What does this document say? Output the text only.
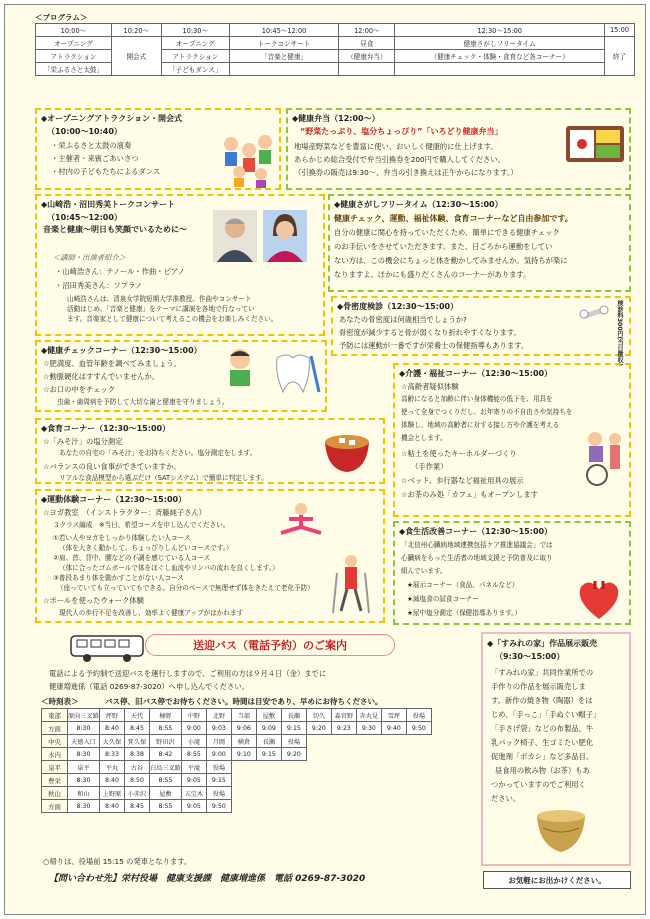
＜プログラム＞
10:00～	10:20～	10:30～	10:45～12:00	12:00～	12:30～15:00	15:00
オープニング	開会式	オープニング	トークコンサート	昼食	健康さがしフリータイム	終了
アトラクション		アトラクション	「音楽と健康」	（健康弁当）	（健康チェック・体験・食育など各コーナー）	
「栄ふるさと太鼓」		「子どもダンス」				
◆オープニングアトラクション・開会式
（10:00～10:40）
・栄ふるさと太鼓の演奏
・主催者・来賓ごあいさつ
・村内の子どもたちによるダンス
◆健康弁当（12:00～）
“野菜たっぷり、塩分ちょっぴり”「いろどり健康弁当」
地場産野菜などを豊富に使い、おいしく健康的に仕上げます。
あらかじめ総合受付で弁当引換券を200円で購入してください。
（引換券の販売は9:30～、弁当の引き換えは正午からになります。）
◆山崎浩・沼田秀美トークコンサート
（10:45～12:00）
音楽と健康～明日も笑顔でいるために～
＜講師・出演者紹介＞
・山崎浩さん：テノール・作曲・ピアノ
・沼田秀美さん：ソプラノ
山崎浩さんは、清泉女学院短期大学准教授。作曲やコンサート
活動はじめ、「音楽と健康」をテーマに講演を各地で行なってい
ます。音楽家として健康について考えるこの機会をお楽しみください。
◆健康さがしフリータイム（12:30～15:00）
健康チェック、運動、福祉体験、食育コーナーなど自由参加です。
自分の健康に関心を持っていただくため、簡単にできる健康チェック
のお手伝いをさせていただきます。また、日ごろから運動をしてい
ない方は、この機会にちょっと体を動かしてみませんか。気持ちが楽に
なりますよ。ほかにも盛りだくさんのコーナーがあります。
◆骨密度検診（12:30～15:00）
あなたの骨密度は何歳相当でしょうか?
骨密度が減少すると骨が弱くなり折れやすくなります。
予防には運動が一番ですが栄養士の保健指導もあります。	検診料300円(当日徴収)
◆健康チェックコーナー（12:30～15:00）
☆肥満度、血管年齢を調べてみましょう。
☆動脈硬化はすすんでいませんか。
☆お口の中をチェック
虫歯・歯周病を予防して大切な歯と健康を守りましょう。
◆介護・福祉コーナー（12:30～15:00）
☆高齢者疑似体験
高齢になると加齢に伴い身体機能の低下を、用具を
使って全身でつくりだし、お年寄りの不自由さや気持ちを
体験し、地域の高齢者に対する接し方や介護を考える
機会とします。
☆粘土を使ったキーホルダーづくり
（手作業）
☆ベッド、歩行器など福祉用具の展示
☆お茶のみ処「カフェ」もオープンします
◆食育コーナー（12:30～15:00）
☆「みそ汁」の塩分測定
あなたの自宅の「みそ汁」をお持ちください。塩分測定をします。
☆バランスの良い食事ができていますか。
リアルな食品模型から選ぶだけ（SATシステム）で簡単に判定します。
◆運動体験コーナー（12:30～15:00）
☆ヨガ教室　（インストラクター：斉藤純子さん）
３クラス編成　※当日、希望コースを申し込んでください。
①若い人やヨガをしっかり体験したい人コース
（体を大きく動かして、ちょっぴりしんどいコースです。）
②肩、首、背中、腰などの不調を感じている人コース
（体に合ったゴムボールで体をほぐし血流やリンパの流れを良くします。）
③普段あまり体を動かすことがない人コース
（座っていても立っていてもできる。自分のペースで無理せず体をきたえて老化予防）
☆ポールを使ったウォーク体験
現代人の歩行不足を改善し、効率よく健康アップがはかれます
◆食生活改善コーナー（12:30～15:00）
「北信州心臓病地域連携包括ケア推進協議会」では
心臓病をもった生活者の地域支援と予防普及に取り
組んでいます。
★展示コーナー（食品、パネルなど）
★減塩食の試食コーナー
★尿中塩分測定（保健指導あります。）
◆「すみれの家」作品展示販売
（9:30～15:00）
「すみれの家」共同作業所での
手作りの作品を展示販売しま
す。新作の焼き物（陶器）をは
じめ、「手っこ」「手ぬぐい帽子」
「手さげ袋」などの布製品、牛
乳パック椅子、生ゴミたい肥化
促進剤「ボカシ」など多品目。
昼食用の飲み物（お茶）もあ
つかっていますのでご利用く
ださい。
送迎バス（電話予約）のご案内
電話による予約制で送迎バスを運行しますので、ご利用の方は９月４日（金）までに
健康増進係（電話 0269-87-3020）へ申し込んでください。
＜時刻表＞	バス停、旧バス停でお待ちください。時間は目安であり、早めにお待ちください。
東部	原向三叉路	坪野	天代	極野	中野	北野	当部	屋敷	長瀬	切久	森宮野	赤丸見	雪坪	役場
方面	8:30	8:40	8:45	8:55	9:00	9:03	9:06	9:09	9:15	9:20	9:23	9:30	9:40	9:50
中央	天徳入口	大久保	箕久保	野田沢	小滝	月岡	横倉	長瀬	役場					
水内	8:30	8:33	8:38	8:42	8:55	9:00	9:10	9:15	9:20					
泉平	泉平	平丸	古谷	白鳥三叉路	平滝	役場								
豊栄	8:30	8:40	8:50	8:55	9:05	9:15								
秋山	和山	上野原	小赤沢	屋敷	五宝木	役場								
方面	8:30	8:40	8:45	8:55	9:05	9:50								
○帰りは、役場前 15:15 の発車となります。
【問い合わせ先】栄村役場　健康支援課　健康増進係　電話 0269-87-3020	お気軽にお出かけください。
